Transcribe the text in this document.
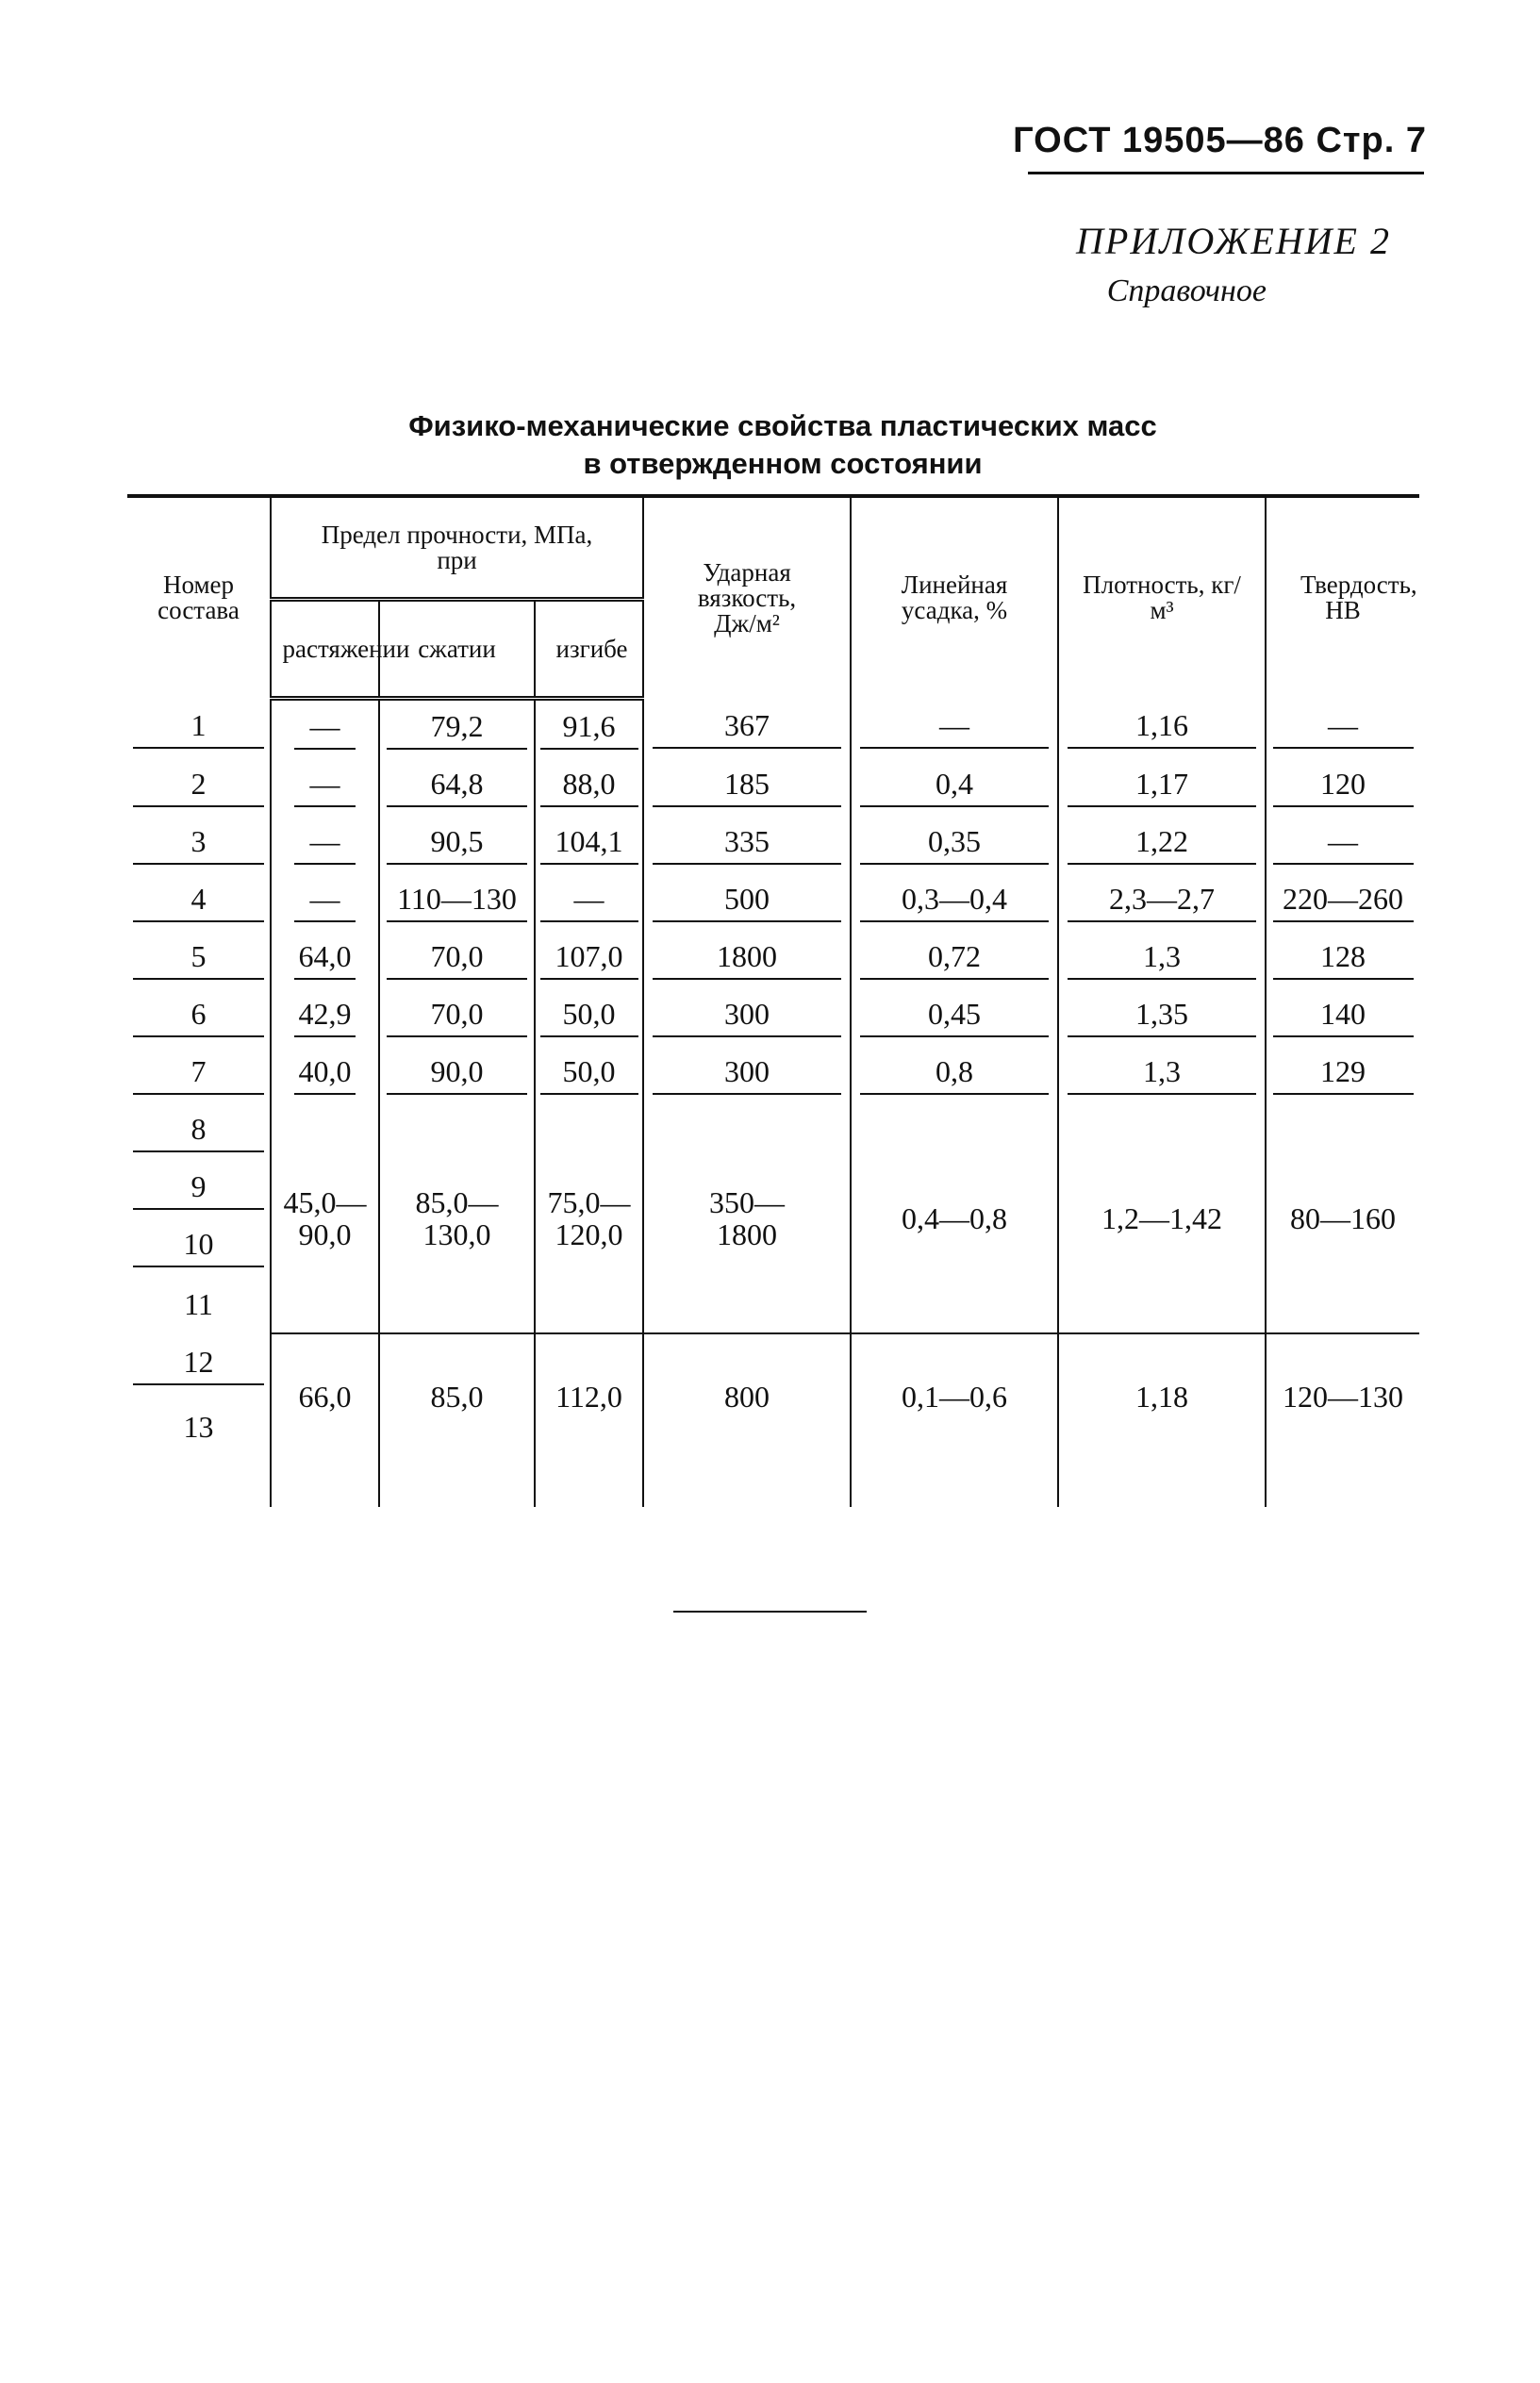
ГОСТ 19505—86 Стр. 7
ПРИЛОЖЕНИЕ 2
Справочное
Физико-механические свойства пластических масс
в отвержденном состоянии
Номер состава	Предел прочности, МПа, при			Ударная вязкость, Дж/м²	Линейная усадка, %	Плотность, кг/м³	Твердость, НВ

	растяжении	сжатии	изгибе				

1	—	79,2	91,6	367	—	1,16	—
2	—	64,8	88,0	185	0,4	1,17	120
3	—	90,5	104,1	335	0,35	1,22	—
4	—	110—130	—	500	0,3—0,4	2,3—2,7	220—260
5	64,0	70,0	107,0	1800	0,72	1,3	128
6	42,9	70,0	50,0	300	0,45	1,35	140
7	40,0	90,0	50,0	300	0,8	1,3	129
8	45,0— 90,0	85,0— 130,0	75,0— 120,0	350— 1800	0,4—0,8	1,2—1,42	80—160
9							
10							
11							
12	66,0	85,0	112,0	800	0,1—0,6	1,18	120—130
13							
